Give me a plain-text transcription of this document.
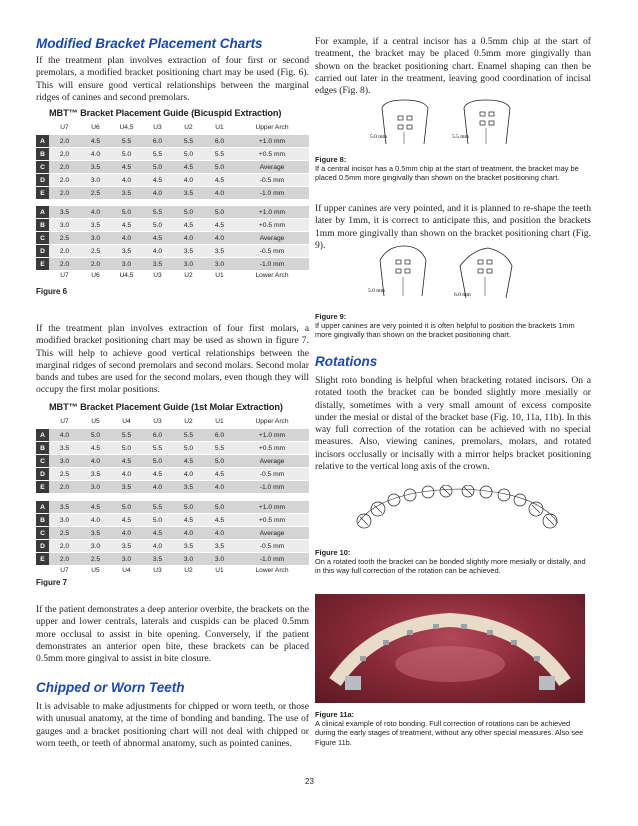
Modified Bracket Placement Charts

If the treatment plan involves extraction of four first or second premolars, a modified bracket positioning chart may be used (Fig. 6). This will ensure good vertical relationships between the marginal ridges of canines and second premolars.

MBT™ Bracket Placement Guide (Bicuspid Extraction)
U7	U6	U4,5	U3	U2	U1	Upper Arch
A	2.0	4.5	5.5	6.0	5.5	6.0	+1.0 mm
B	2.0	4.0	5.0	5.5	5.0	5.5	+0.5 mm
C	2.0	3.5	4.5	5.0	4.5	5.0	Average
D	2.0	3.0	4.0	4.5	4.0	4.5	-0.5 mm
E	2.0	2.5	3.5	4.0	3.5	4.0	-1.0 mm
A	3.5	4.0	5.0	5.5	5.0	5.0	+1.0 mm
B	3.0	3.5	4.5	5.0	4.5	4.5	+0.5 mm
C	2.5	3.0	4.0	4.5	4.0	4.0	Average
D	2.0	2.5	3.5	4.0	3.5	3.5	-0.5 mm
E	2.0	2.0	3.0	3.5	3.0	3.0	-1.0 mm
U7	U6	U4,5	U3	U2	U1	Lower Arch
Figure 6

If the treatment plan involves extraction of four first molars, a modified bracket positioning chart may be used as shown in figure 7. This will help to achieve good vertical relationships between the marginal ridges of second premolars and second molars. Second molar bands and tubes are used for the second molars, even though they will occupy the first molar positions.

MBT™ Bracket Placement Guide (1st Molar Extraction)
U7	U5	U4	U3	U2	U1	Upper Arch
A	4.0	5.0	5.5	6.0	5.5	6.0	+1.0 mm
B	3.5	4.5	5.0	5.5	5.0	5.5	+0.5 mm
C	3.0	4.0	4.5	5.0	4.5	5.0	Average
D	2.5	3.5	4.0	4.5	4.0	4.5	-0.5 mm
E	2.0	3.0	3.5	4.0	3.5	4.0	-1.0 mm
A	3.5	4.5	5.0	5.5	5.0	5.0	+1.0 mm
B	3.0	4.0	4.5	5.0	4.5	4.5	+0.5 mm
C	2.5	3.5	4.0	4.5	4.0	4.0	Average
D	2.0	3.0	3.5	4.0	3.5	3.5	-0.5 mm
E	2.0	2.5	3.0	3.5	3.0	3.0	-1.0 mm
U7	U5	U4	U3	U2	U1	Lower Arch
Figure 7

If the patient demonstrates a deep anterior overbite, the brackets on the upper and lower centrals, laterals and cuspids can be placed 0.5mm more occlusal to assist in bite opening. Conversely, if the patient demonstrates an anterior open bite, these brackets can be placed 0.5mm more gingival to assist in bite closure.

Chipped or Worn Teeth

It is advisable to make adjustments for chipped or worn teeth, or those with unusual anatomy, at the time of bonding and banding. The use of gauges and a bracket positioning chart will not deal with chipped or worn teeth, or teeth of abnormal anatomy, such as pointed canines.

For example, if a central incisor has a 0.5mm chip at the start of treatment, the bracket may be placed 0.5mm more gingivally than shown on the bracket positioning chart. Enamel shaping can then be carried out later in the treatment, leaving good coordination of incisal edges (Fig. 8).

5.0 mm	5.5 mm
Figure 8:
If a central incisor has a 0.5mm chip at the start of treatment, the bracket may be placed 0.5mm more gingivally than shown on the bracket positioning chart.

If upper canines are very pointed, and it is planned to re-shape the teeth later by 1mm, it is correct to anticipate this, and position the brackets 1mm more gingivally than shown on the bracket positioning chart (Fig. 9).

5.0 mm
6.0 mm
Figure 9:
If upper canines are very pointed it is often helpful to position the brackets 1mm more gingivally than shown on the bracket positioning chart.
Rotations

Slight roto bonding is helpful when bracketing rotated incisors. On a rotated tooth the bracket can be bonded slightly more mesially or distally, sometimes with a very small amount of excess composite under the mesial or distal of the bracket base (Fig. 10, 11a, 11b). In this way full correction of the rotation can be achieved with no special measures. Also, viewing canines, premolars, molars, and rotated incisors occlusally or incisally with a mirror helps bracket positioning relative to the vertical long axis of the crown.

Figure 10:
On a rotated tooth the bracket can be bonded slightly more mesially or distally, and in this way full correction of the rotation can be achieved.
Figure 11a:
A clinical example of roto bonding. Full correction of rotations can be achieved during the early stages of treatment, without any other special measures. Also see Figure 11b.
23
